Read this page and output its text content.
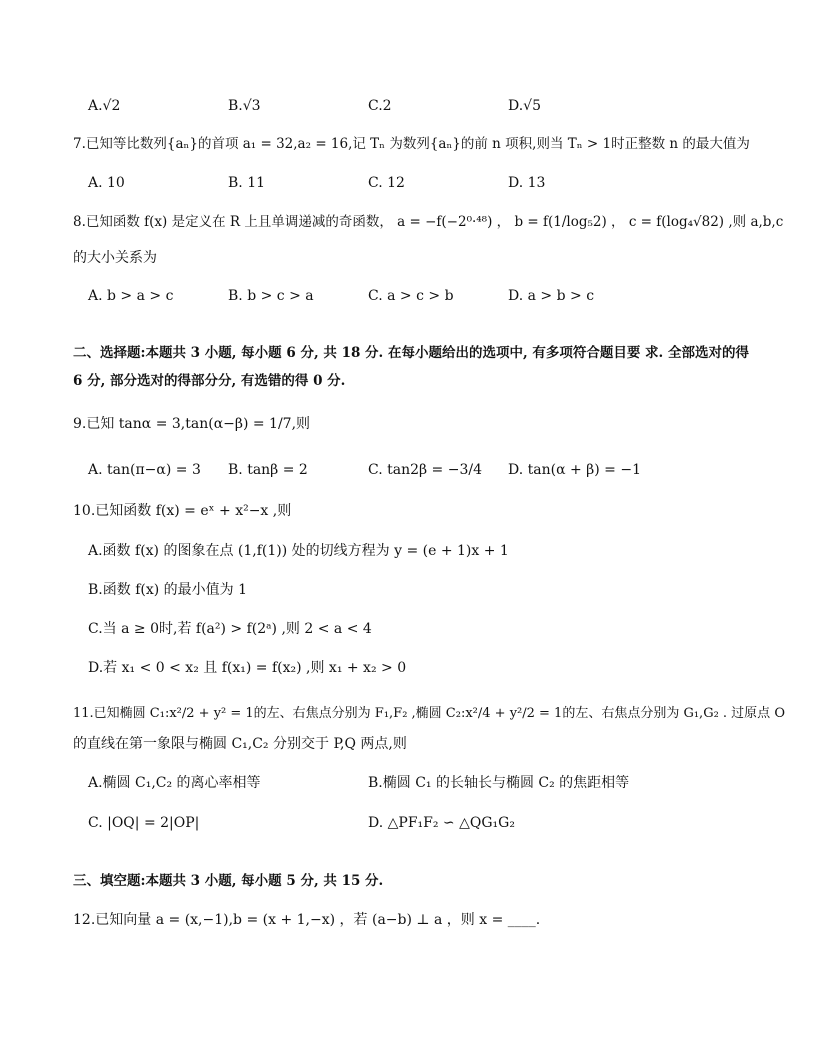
A.√2	B.√3	C.2	D.√5
7.已知等比数列{aₙ}的首项 a₁ = 32,a₂ = 16,记 Tₙ 为数列{aₙ}的前 n 项积,则当 Tₙ > 1时正整数 n 的最大值为
A. 10	B. 11	C. 12	D. 13
8.已知函数 f(x) 是定义在 R 上且单调递减的奇函数， a = −f(−2⁰·⁴⁸) ， b = f(1/log₅2) ， c = f(log₄√82) ,则 a,b,c
的大小关系为
A. b > a > c	B. b > c > a	C. a > c > b	D. a > b > c
二、选择题:本题共 3 小题, 每小题 6 分, 共 18 分. 在每小题给出的选项中, 有多项符合题目要 求. 全部选对的得
6 分, 部分选对的得部分分, 有选错的得 0 分.
9.已知 tanα = 3,tan(α−β) = 1/7,则
A. tan(π−α) = 3 B. tanβ = 2	C. tan2β = −3/4 D. tan(α + β) = −1
10.已知函数 f(x) = eˣ + x²−x ,则
A.函数 f(x) 的图象在点 (1,f(1)) 处的切线方程为 y = (e + 1)x + 1
B.函数 f(x) 的最小值为 1
C.当 a ≥ 0时,若 f(a²) > f(2ᵃ) ,则 2 < a < 4
D.若 x₁ < 0 < x₂ 且 f(x₁) = f(x₂) ,则 x₁ + x₂ > 0
11.已知椭圆 C₁:x²/2 + y² = 1的左、右焦点分别为 F₁,F₂ ,椭圆 C₂:x²/4 + y²/2 = 1的左、右焦点分别为 G₁,G₂ . 过原点 O
的直线在第一象限与椭圆 C₁,C₂ 分别交于 P,Q 两点,则
A.椭圆 C₁,C₂ 的离心率相等	B.椭圆 C₁ 的长轴长与椭圆 C₂ 的焦距相等
C. |OQ| = 2|OP|	D. △PF₁F₂ ∽ △QG₁G₂
三、填空题:本题共 3 小题, 每小题 5 分, 共 15 分.
12.已知向量 a = (x,−1),b = (x + 1,−x) ，若 (a−b) ⊥ a ，则 x = ____.
